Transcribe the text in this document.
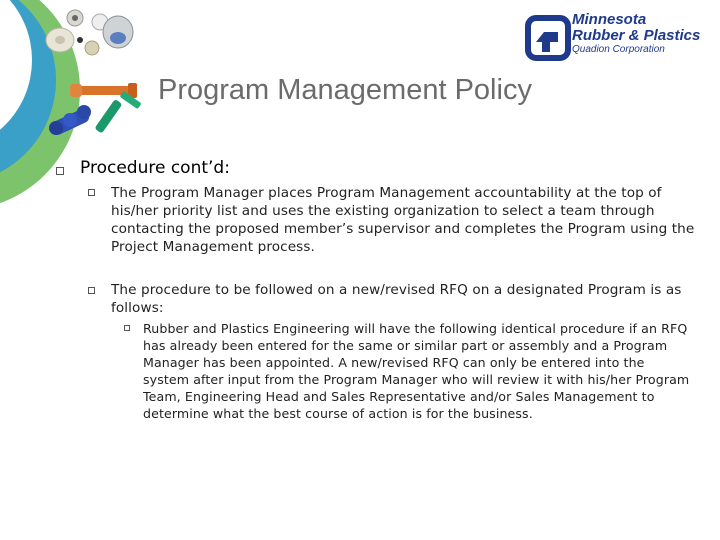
Minnesota
Rubber & Plastics
Quadion Corporation
Program Management Policy
Procedure cont’d:
The Program Manager places Program Management accountability at the top of his/her priority list and uses the existing organization to select a team through contacting the proposed member’s supervisor and completes the Program using the Project Management process.
The procedure to be followed on a new/revised RFQ on a designated Program is as follows:
Rubber and Plastics Engineering will have the following identical procedure if an RFQ has already been entered for the same or similar part or assembly and a Program Manager has been appointed. A new/revised RFQ can only be entered into the system after input from the Program Manager who will review it with his/her Program Team, Engineering Head and Sales Representative and/or Sales Management to determine what the best course of action is for the business.
